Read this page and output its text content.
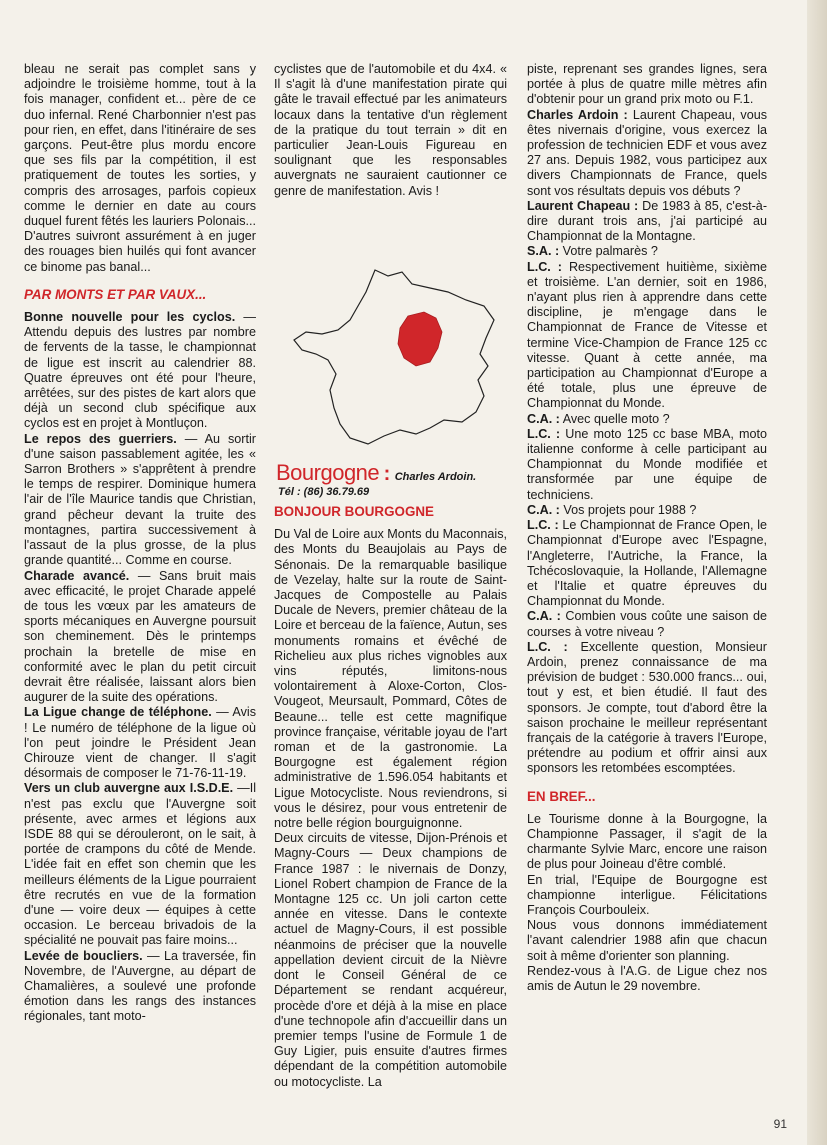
bleau ne serait pas complet sans y adjoindre le troisième homme, tout à la fois manager, confident et... père de ce duo infernal. René Charbonnier n'est pas pour rien, en effet, dans l'itinéraire de ses garçons. Peut-être plus mordu encore que ses fils par la compétition, il est pratiquement de toutes les sorties, y compris des arrosages, parfois copieux comme le dernier en date au cours duquel furent fêtés les lauriers Polonais... D'autres suivront assurément à en juger des rouages bien huilés qui font avancer ce binome pas banal...

PAR MONTS ET PAR VAUX...

Bonne nouvelle pour les cyclos. — Attendu depuis des lustres par nombre de fervents de la tasse, le championnat de ligue est inscrit au calendrier 88. Quatre épreuves ont été pour l'heure, arrêtées, sur des pistes de kart alors que déjà un second club spécifique aux cyclos est en projet à Montluçon.

Le repos des guerriers. — Au sortir d'une saison passablement agitée, les « Sarron Brothers » s'apprêtent à prendre le temps de respirer. Dominique humera l'air de l'île Maurice tandis que Christian, grand pêcheur devant la truite des montagnes, partira successivement à l'assaut de la plus grosse, de la plus grande quantité... Comme en course.

Charade avancé. — Sans bruit mais avec efficacité, le projet Charade appelé de tous les vœux par les amateurs de sports mécaniques en Auvergne poursuit son cheminement. Dès le printemps prochain la bretelle de mise en conformité avec le plan du petit circuit devrait être réalisée, laissant alors bien augurer de la suite des opérations.

La Ligue change de téléphone. — Avis ! Le numéro de téléphone de la ligue où l'on peut joindre le Président Jean Chirouze vient de changer. Il s'agit désormais de composer le 71-76-11-19.

Vers un club auvergne aux I.S.D.E. —Il n'est pas exclu que l'Auvergne soit présente, avec armes et légions aux ISDE 88 qui se dérouleront, on le sait, à portée de crampons du côté de Mende. L'idée fait en effet son chemin que les meilleurs éléments de la Ligue pourraient être recrutés en vue de la formation d'une — voire deux — équipes à cette occasion. Le berceau brivadois de la spécialité ne pouvait pas faire moins...

Levée de boucliers. — La traversée, fin Novembre, de l'Auvergne, au départ de Chamalières, a soulevé une profonde émotion dans les rangs des instances régionales, tant moto-

cyclistes que de l'automobile et du 4x4. « Il s'agit là d'une manifestation pirate qui gâte le travail effectué par les animateurs locaux dans la tentative d'un règlement de la pratique du tout terrain » dit en particulier Jean-Louis Figureau en soulignant que les responsables auvergnats ne sauraient cautionner ce genre de manifestation. Avis !

Bourgogne : Charles Ardoin.
Tél : (86) 36.79.69

BONJOUR BOURGOGNE

Du Val de Loire aux Monts du Maconnais, des Monts du Beaujolais au Pays de Sénonais. De la remarquable basilique de Vezelay, halte sur la route de Saint-Jacques de Compostelle au Palais Ducale de Nevers, premier château de la Loire et berceau de la faïence, Autun, ses monuments romains et évêché de Richelieu aux plus riches vignobles aux vins réputés, limitons-nous volontairement à Aloxe-Corton, Clos-Vougeot, Meursault, Pommard, Côtes de Beaune... telle est cette magnifique province française, véritable joyau de l'art roman et de la gastronomie. La Bourgogne est également région administrative de 1.596.054 habitants et Ligue Motocycliste. Nous reviendrons, si vous le désirez, pour vous entretenir de notre belle région bourguignonne.

Deux circuits de vitesse, Dijon-Prénois et Magny-Cours — Deux champions de France 1987 : le nivernais de Donzy, Lionel Robert champion de France de la Montagne 125 cc. Un joli carton cette année en vitesse. Dans le contexte actuel de Magny-Cours, il est possible néanmoins de préciser que la nouvelle appellation devient circuit de la Nièvre dont le Conseil Général de ce Département se rendant acquéreur, procède d'ore et déjà à la mise en place d'une technopole afin d'accueillir dans un premier temps l'usine de Formule 1 de Guy Ligier, puis ensuite d'autres firmes dépendant de la compétition automobile ou motocycliste. La

piste, reprenant ses grandes lignes, sera portée à plus de quatre mille mètres afin d'obtenir pour un grand prix moto ou F.1.

Charles Ardoin : Laurent Chapeau, vous êtes nivernais d'origine, vous exercez la profession de technicien EDF et vous avez 27 ans. Depuis 1982, vous participez aux divers Championnats de France, quels sont vos résultats depuis vos débuts ?

Laurent Chapeau : De 1983 à 85, c'est-à-dire durant trois ans, j'ai participé au Championnat de la Montagne.

S.A. : Votre palmarès ?

L.C. : Respectivement huitième, sixième et troisième. L'an dernier, soit en 1986, n'ayant plus rien à apprendre dans cette discipline, je m'engage dans le Championnat de France de Vitesse et termine Vice-Champion de France 125 cc vitesse. Quant à cette année, ma participation au Championnat d'Europe a été totale, plus une épreuve de Championnat du Monde.

C.A. : Avec quelle moto ?

L.C. : Une moto 125 cc base MBA, moto italienne conforme à celle participant au Championnat du Monde modifiée et transformée par une équipe de techniciens.

C.A. : Vos projets pour 1988 ?

L.C. : Le Championnat de France Open, le Championnat d'Europe avec l'Espagne, l'Angleterre, l'Autriche, la France, la Tchécoslovaquie, la Hollande, l'Allemagne et l'Italie et quatre épreuves du Championnat du Monde.

C.A. : Combien vous coûte une saison de courses à votre niveau ?

L.C. : Excellente question, Monsieur Ardoin, prenez connaissance de ma prévision de budget : 530.000 francs... oui, tout y est, et bien étudié. Il faut des sponsors. Je compte, tout d'abord être la saison prochaine le meilleur représentant français de la catégorie à travers l'Europe, prétendre au podium et offrir ainsi aux sponsors les retombées escomptées.

EN BREF...

Le Tourisme donne à la Bourgogne, la Championne Passager, il s'agit de la charmante Sylvie Marc, encore une raison de plus pour Joineau d'être comblé.

En trial, l'Equipe de Bourgogne est championne interligue. Félicitations François Courbouleix.

Nous vous donnons immédiatement l'avant calendrier 1988 afin que chacun soit à même d'orienter son planning.

Rendez-vous à l'A.G. de Ligue chez nos amis de Autun le 29 novembre.

91
